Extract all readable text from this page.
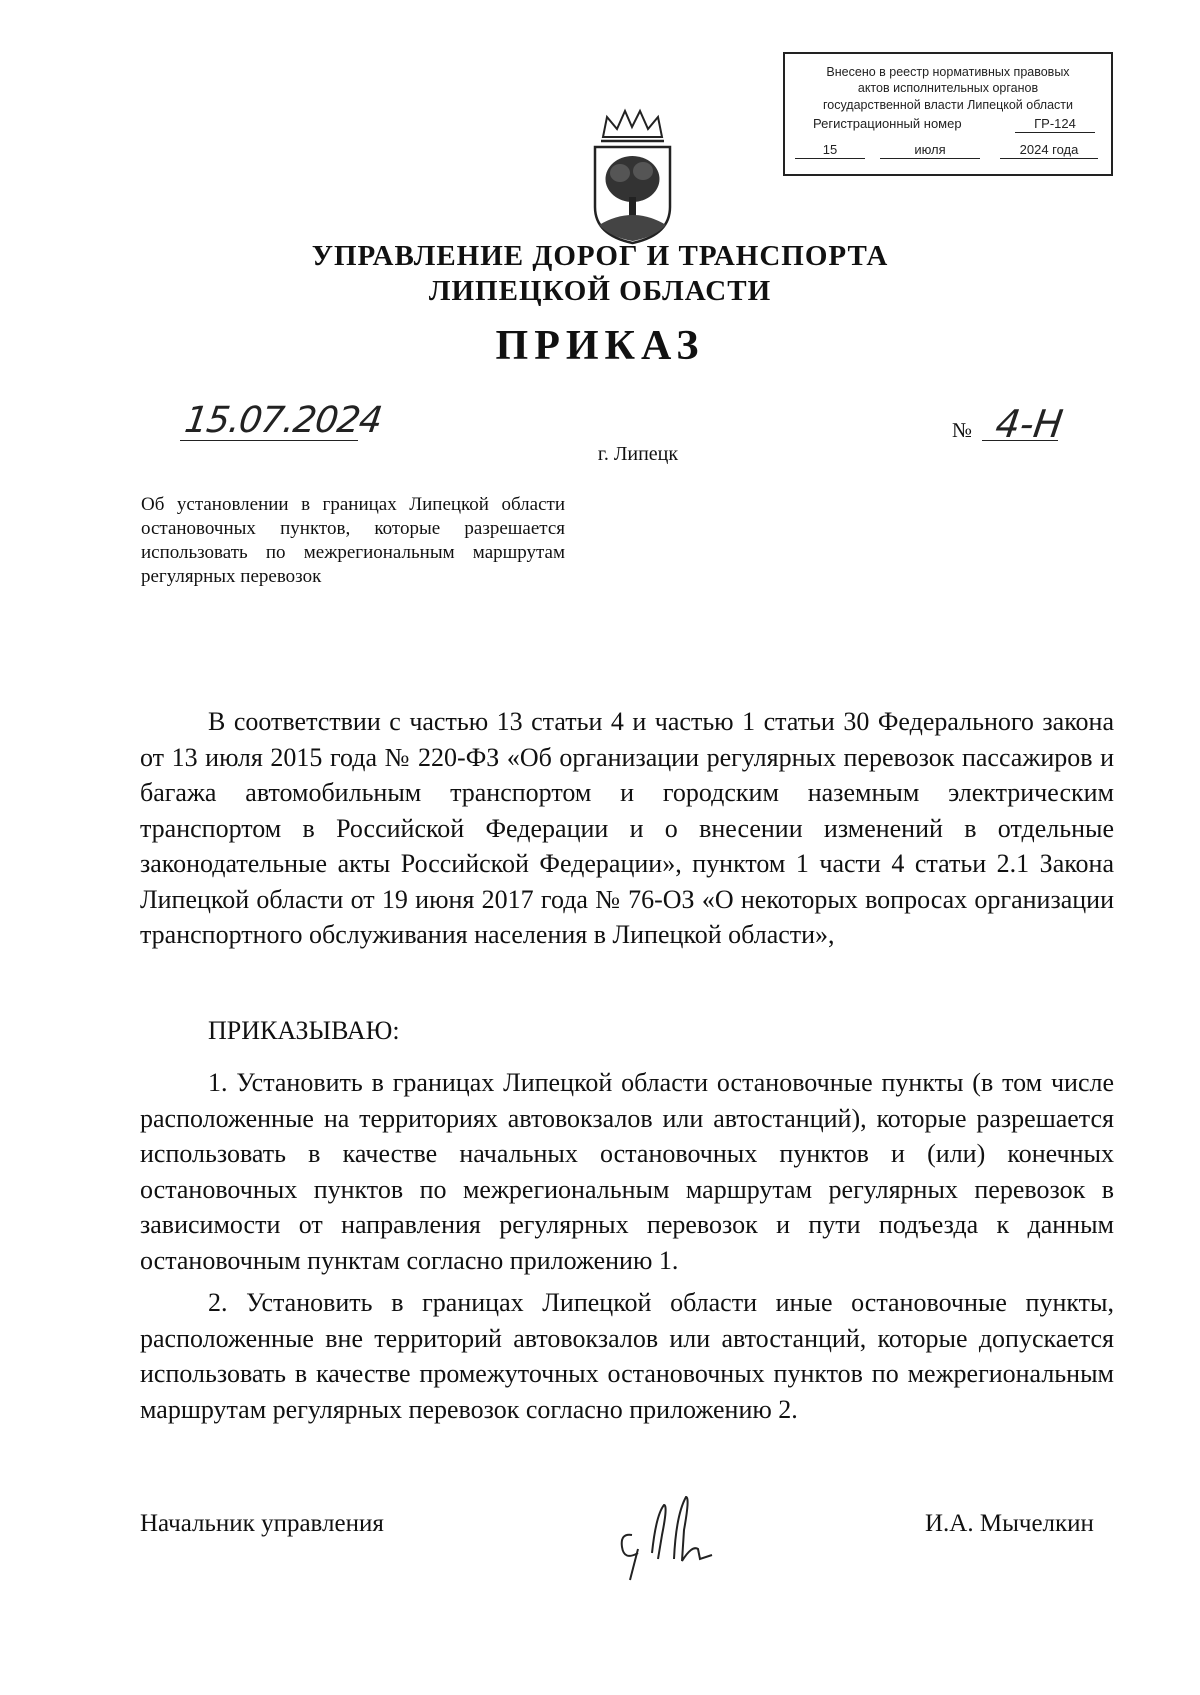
Внесено в реестр нормативных правовых
актов исполнительных органов
государственной власти Липецкой области
Регистрационный номер	ГР-124
15	июля	2024 года
УПРАВЛЕНИЕ ДОРОГ И ТРАНСПОРТА
ЛИПЕЦКОЙ ОБЛАСТИ
ПРИКАЗ
15.07.2024	№ 4-Н
г. Липецк
Об установлении в границах Липецкой области остановочных пунктов, которые разрешается использовать по межрегиональным маршрутам регулярных перевозок
В соответствии с частью 13 статьи 4 и частью 1 статьи 30 Федерального закона от 13 июля 2015 года № 220-ФЗ «Об организации регулярных перевозок пассажиров и багажа автомобильным транспортом и городским наземным электрическим транспортом в Российской Федерации и о внесении изменений в отдельные законодательные акты Российской Федерации», пунктом 1 части 4 статьи 2.1 Закона Липецкой области от 19 июня 2017 года № 76-ОЗ «О некоторых вопросах организации транспортного обслуживания населения в Липецкой области»,
ПРИКАЗЫВАЮ:
1. Установить в границах Липецкой области остановочные пункты (в том числе расположенные на территориях автовокзалов или автостанций), которые разрешается использовать в качестве начальных остановочных пунктов и (или) конечных остановочных пунктов по межрегиональным маршрутам регулярных перевозок в зависимости от направления регулярных перевозок и пути подъезда к данным остановочным пунктам согласно приложению 1.
2. Установить в границах Липецкой области иные остановочные пункты, расположенные вне территорий автовокзалов или автостанций, которые допускается использовать в качестве промежуточных остановочных пунктов по межрегиональным маршрутам регулярных перевозок согласно приложению 2.
Начальник управления	И.А. Мычелкин
